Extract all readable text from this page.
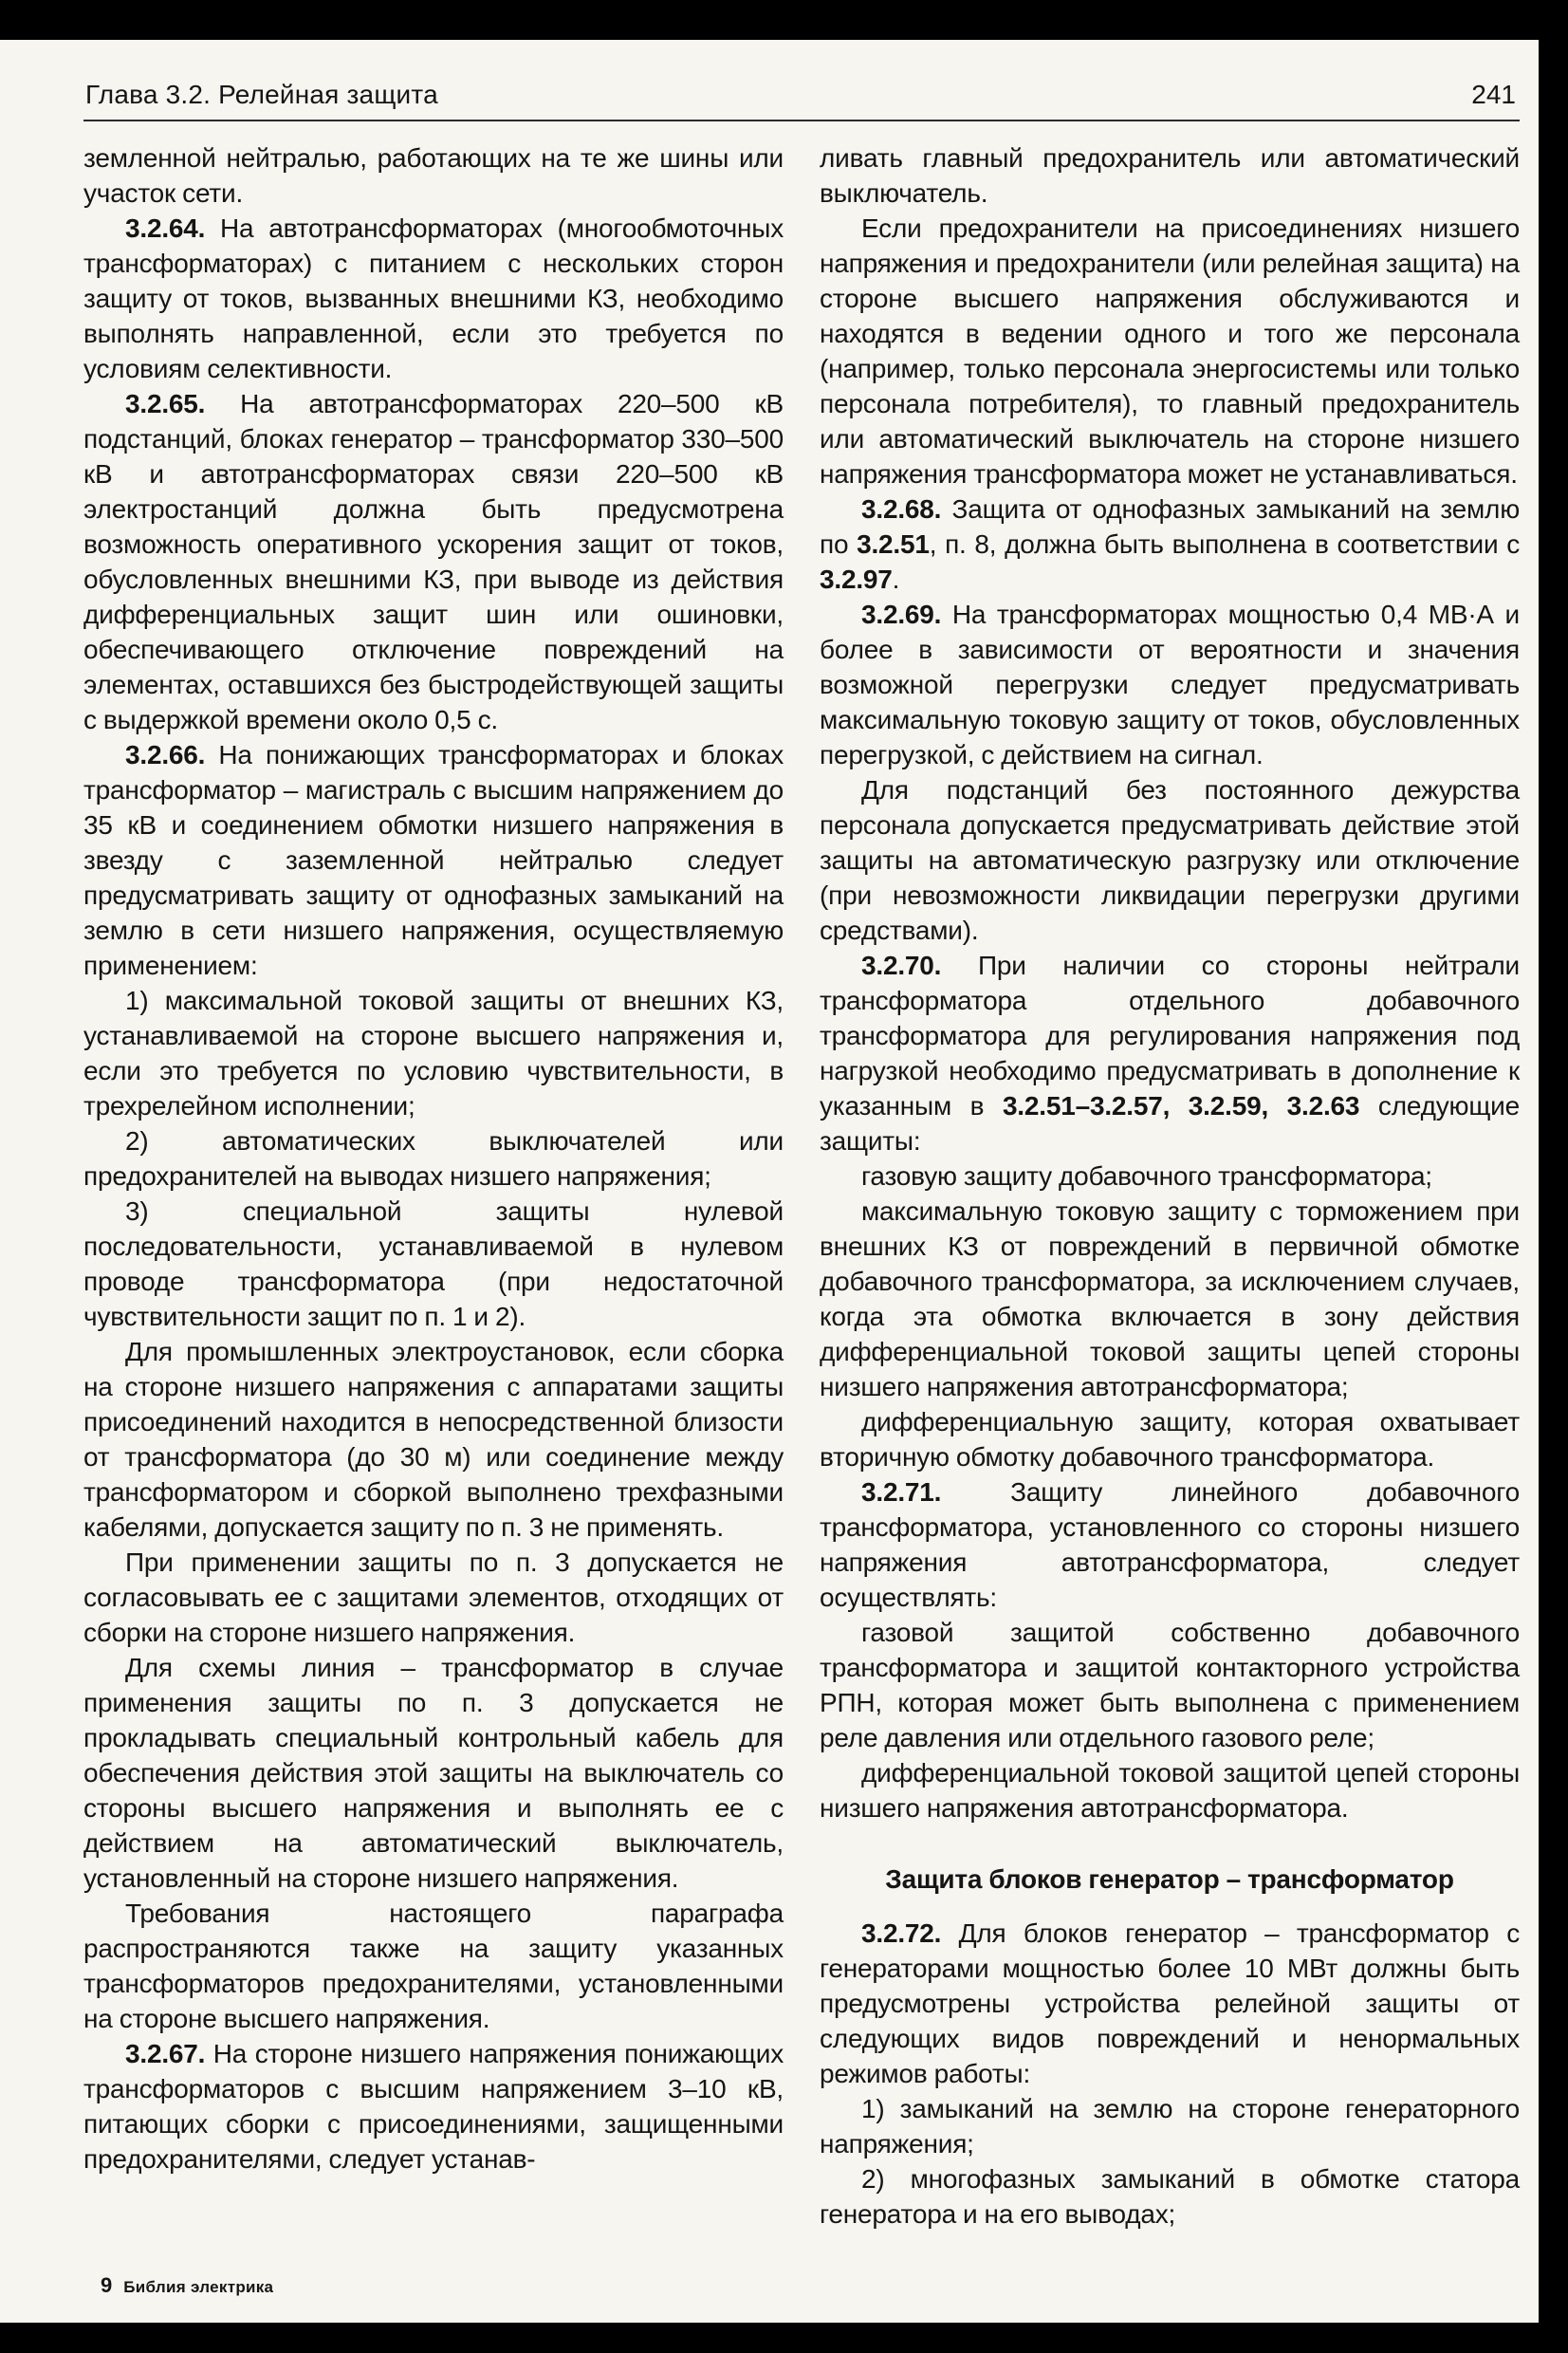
Глава 3.2. Релейная защита	241

земленной нейтралью, работающих на те же шины или участок сети.

3.2.64. На автотрансформаторах (многообмоточных трансформаторах) с питанием с нескольких сторон защиту от токов, вызванных внешними КЗ, необходимо выполнять направленной, если это требуется по условиям селективности.

3.2.65. На автотрансформаторах 220–500 кВ подстанций, блоках генератор – трансформатор 330–500 кВ и автотрансформаторах связи 220–500 кВ электростанций должна быть предусмотрена возможность оперативного ускорения защит от токов, обусловленных внешними КЗ, при выводе из действия дифференциальных защит шин или ошиновки, обеспечивающего отключение повреждений на элементах, оставшихся без быстродействующей защиты с выдержкой времени около 0,5 с.

3.2.66. На понижающих трансформаторах и блоках трансформатор – магистраль с высшим напряжением до 35 кВ и соединением обмотки низшего напряжения в звезду с заземленной нейтралью следует предусматривать защиту от однофазных замыканий на землю в сети низшего напряжения, осуществляемую применением:

1) максимальной токовой защиты от внешних КЗ, устанавливаемой на стороне высшего напряжения и, если это требуется по условию чувствительности, в трехрелейном исполнении;

2) автоматических выключателей или предохранителей на выводах низшего напряжения;

3) специальной защиты нулевой последовательности, устанавливаемой в нулевом проводе трансформатора (при недостаточной чувствительности защит по п. 1 и 2).

Для промышленных электроустановок, если сборка на стороне низшего напряжения с аппаратами защиты присоединений находится в непосредственной близости от трансформатора (до 30 м) или соединение между трансформатором и сборкой выполнено трехфазными кабелями, допускается защиту по п. 3 не применять.

При применении защиты по п. 3 допускается не согласовывать ее с защитами элементов, отходящих от сборки на стороне низшего напряжения.

Для схемы линия – трансформатор в случае применения защиты по п. 3 допускается не прокладывать специальный контрольный кабель для обеспечения действия этой защиты на выключатель со стороны высшего напряжения и выполнять ее с действием на автоматический выключатель, установленный на стороне низшего напряжения.

Требования настоящего параграфа распространяются также на защиту указанных трансформаторов предохранителями, установленными на стороне высшего напряжения.

3.2.67. На стороне низшего напряжения понижающих трансформаторов с высшим напряжением 3–10 кВ, питающих сборки с присоединениями, защищенными предохранителями, следует устанав-

ливать главный предохранитель или автоматический выключатель.

Если предохранители на присоединениях низшего напряжения и предохранители (или релейная защита) на стороне высшего напряжения обслуживаются и находятся в ведении одного и того же персонала (например, только персонала энергосистемы или только персонала потребителя), то главный предохранитель или автоматический выключатель на стороне низшего напряжения трансформатора может не устанавливаться.

3.2.68. Защита от однофазных замыканий на землю по 3.2.51, п. 8, должна быть выполнена в соответствии с 3.2.97.

3.2.69. На трансформаторах мощностью 0,4 МВ·А и более в зависимости от вероятности и значения возможной перегрузки следует предусматривать максимальную токовую защиту от токов, обусловленных перегрузкой, с действием на сигнал.

Для подстанций без постоянного дежурства персонала допускается предусматривать действие этой защиты на автоматическую разгрузку или отключение (при невозможности ликвидации перегрузки другими средствами).

3.2.70. При наличии со стороны нейтрали трансформатора отдельного добавочного трансформатора для регулирования напряжения под нагрузкой необходимо предусматривать в дополнение к указанным в 3.2.51–3.2.57, 3.2.59, 3.2.63 следующие защиты:

газовую защиту добавочного трансформатора;

максимальную токовую защиту с торможением при внешних КЗ от повреждений в первичной обмотке добавочного трансформатора, за исключением случаев, когда эта обмотка включается в зону действия дифференциальной токовой защиты цепей стороны низшего напряжения автотрансформатора;

дифференциальную защиту, которая охватывает вторичную обмотку добавочного трансформатора.

3.2.71. Защиту линейного добавочного трансформатора, установленного со стороны низшего напряжения автотрансформатора, следует осуществлять:

газовой защитой собственно добавочного трансформатора и защитой контакторного устройства РПН, которая может быть выполнена с применением реле давления или отдельного газового реле;

дифференциальной токовой защитой цепей стороны низшего напряжения автотрансформатора.

Защита блоков генератор – трансформатор

3.2.72. Для блоков генератор – трансформатор с генераторами мощностью более 10 МВт должны быть предусмотрены устройства релейной защиты от следующих видов повреждений и ненормальных режимов работы:

1) замыканий на землю на стороне генераторного напряжения;

2) многофазных замыканий в обмотке статора генератора и на его выводах;

9 Библия электрика
